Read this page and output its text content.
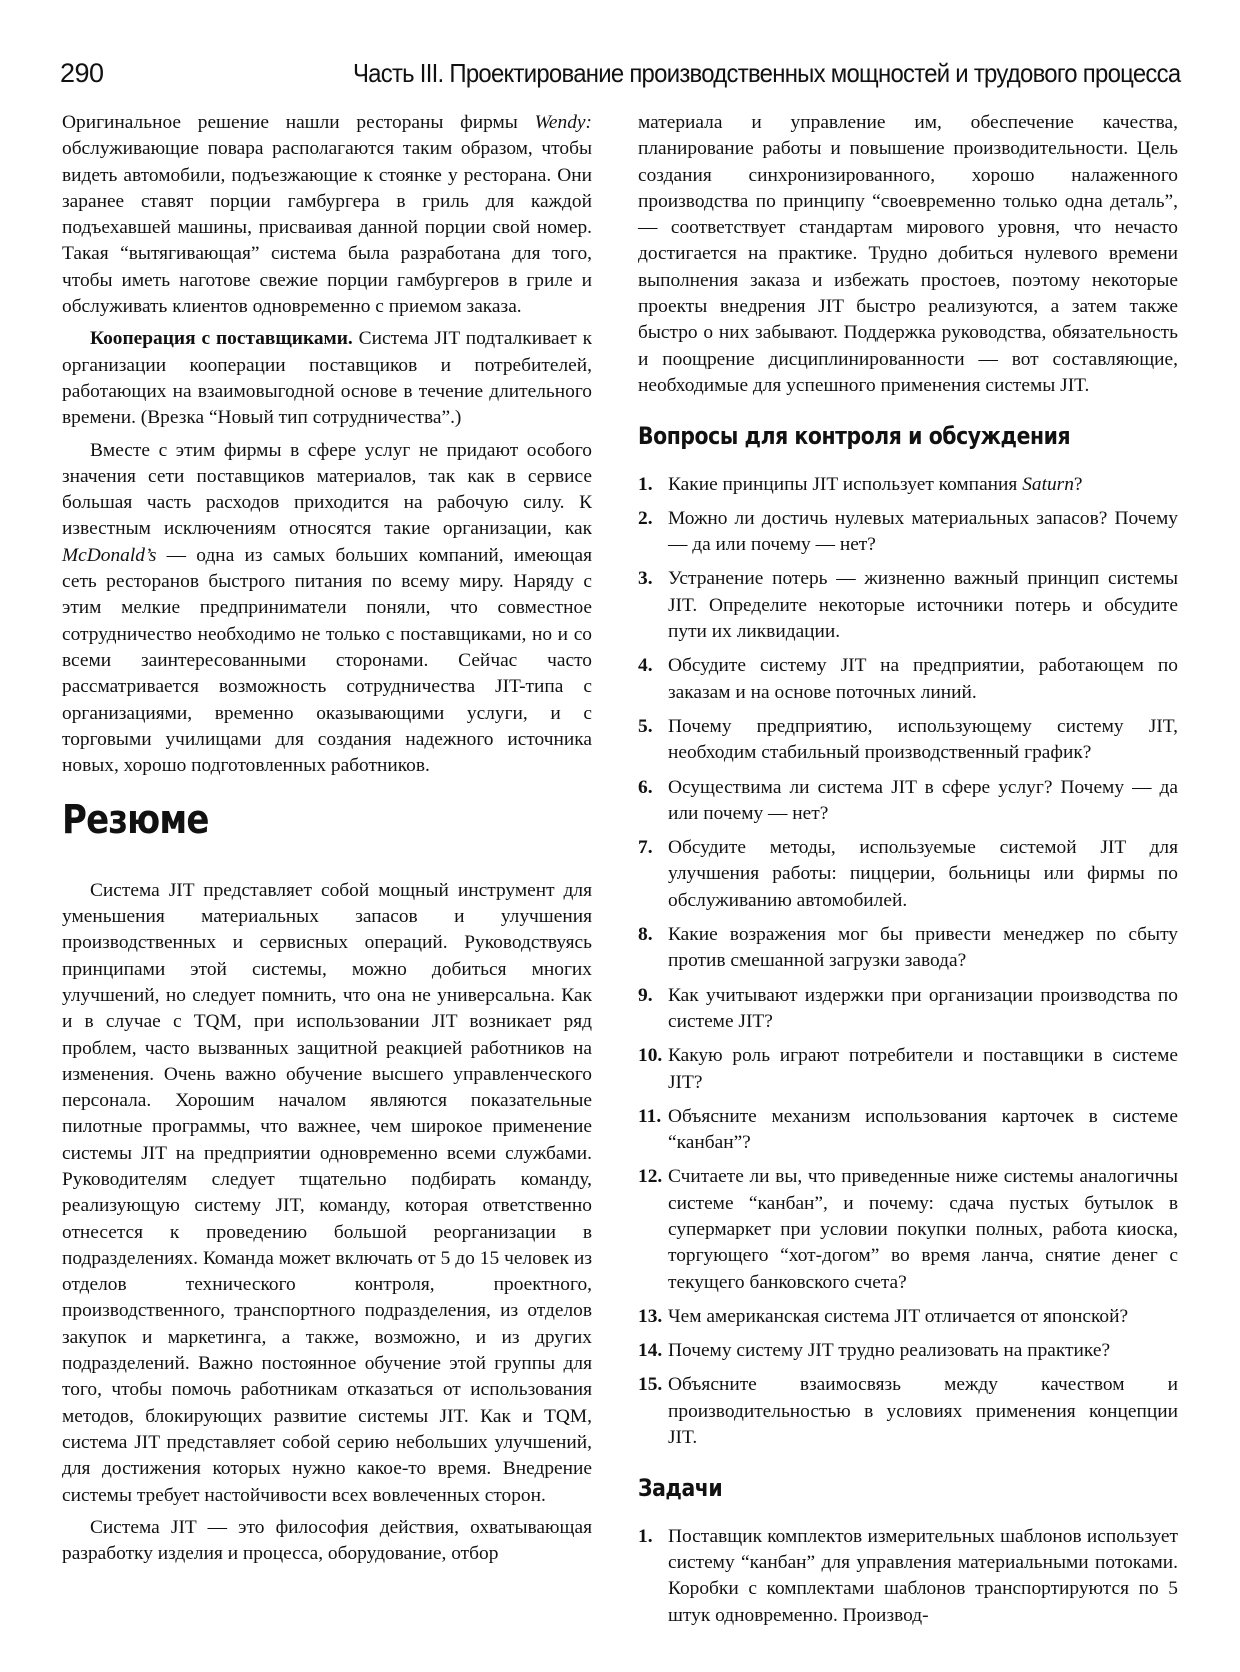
290	Часть III. Проектирование производственных мощностей и трудового процесса

Оригинальное решение нашли рестораны фирмы Wendy: обслуживающие повара располагаются таким образом, чтобы видеть автомобили, подъезжающие к стоянке у ресторана. Они заранее ставят порции гамбургера в гриль для каждой подъехавшей машины, присваивая данной порции свой номер. Такая “вытягивающая” система была разработана для того, чтобы иметь наготове свежие порции гамбургеров в гриле и обслуживать клиентов одновременно с приемом заказа.

Кооперация с поставщиками. Система JIT подталкивает к организации кооперации поставщиков и потребителей, работающих на взаимовыгодной основе в течение длительного времени. (Врезка “Новый тип сотрудничества”.)

Вместе с этим фирмы в сфере услуг не придают особого значения сети поставщиков материалов, так как в сервисе большая часть расходов приходится на рабочую силу. К известным исключениям относятся такие организации, как McDonald’s — одна из самых больших компаний, имеющая сеть ресторанов быстрого питания по всему миру. Наряду с этим мелкие предприниматели поняли, что совместное сотрудничество необходимо не только с поставщиками, но и со всеми заинтересованными сторонами. Сейчас часто рассматривается возможность сотрудничества JIT-типа с организациями, временно оказывающими услуги, и с торговыми училищами для создания надежного источника новых, хорошо подготовленных работников.

Резюме

Система JIT представляет собой мощный инструмент для уменьшения материальных запасов и улучшения производственных и сервисных операций. Руководствуясь принципами этой системы, можно добиться многих улучшений, но следует помнить, что она не универсальна. Как и в случае с TQM, при использовании JIT возникает ряд проблем, часто вызванных защитной реакцией работников на изменения. Очень важно обучение высшего управленческого персонала. Хорошим началом являются показательные пилотные программы, что важнее, чем широкое применение системы JIT на предприятии одновременно всеми службами. Руководителям следует тщательно подбирать команду, реализующую систему JIT, команду, которая ответственно отнесется к проведению большой реорганизации в подразделениях. Команда может включать от 5 до 15 человек из отделов технического контроля, проектного, производственного, транспортного подразделения, из отделов закупок и маркетинга, а также, возможно, и из других подразделений. Важно постоянное обучение этой группы для того, чтобы помочь работникам отказаться от использования методов, блокирующих развитие системы JIT. Как и TQM, система JIT представляет собой серию небольших улучшений, для достижения которых нужно какое-то время. Внедрение системы требует настойчивости всех вовлеченных сторон.

Система JIT — это философия действия, охватывающая разработку изделия и процесса, оборудование, отбор

материала и управление им, обеспечение качества, планирование работы и повышение производительности. Цель создания синхронизированного, хорошо налаженного производства по принципу “своевременно только одна деталь”, — соответствует стандартам мирового уровня, что нечасто достигается на практике. Трудно добиться нулевого времени выполнения заказа и избежать простоев, поэтому некоторые проекты внедрения JIT быстро реализуются, а затем также быстро о них забывают. Поддержка руководства, обязательность и поощрение дисциплинированности — вот составляющие, необходимые для успешного применения системы JIT.

Вопросы для контроля и обсуждения
1. Какие принципы JIT использует компания Saturn?
2. Можно ли достичь нулевых материальных запасов? Почему — да или почему — нет?
3. Устранение потерь — жизненно важный принцип системы JIT. Определите некоторые источники потерь и обсудите пути их ликвидации.
4. Обсудите систему JIT на предприятии, работающем по заказам и на основе поточных линий.
5. Почему предприятию, использующему систему JIT, необходим стабильный производственный график?
6. Осуществима ли система JIT в сфере услуг? Почему — да или почему — нет?
7. Обсудите методы, используемые системой JIT для улучшения работы: пиццерии, больницы или фирмы по обслуживанию автомобилей.
8. Какие возражения мог бы привести менеджер по сбыту против смешанной загрузки завода?
9. Как учитывают издержки при организации производства по системе JIT?
10. Какую роль играют потребители и поставщики в системе JIT?
11. Объясните механизм использования карточек в системе “канбан”?
12. Считаете ли вы, что приведенные ниже системы аналогичны системе “канбан”, и почему: сдача пустых бутылок в супермаркет при условии покупки полных, работа киоска, торгующего “хот-догом” во время ланча, снятие денег с текущего банковского счета?
13. Чем американская система JIT отличается от японской?
14. Почему систему JIT трудно реализовать на практике?
15. Объясните взаимосвязь между качеством и производительностью в условиях применения концепции JIT.
Задачи
1. Поставщик комплектов измерительных шаблонов использует систему “канбан” для управления материальными потоками. Коробки с комплектами шаблонов транспортируются по 5 штук одновременно. Производ-
